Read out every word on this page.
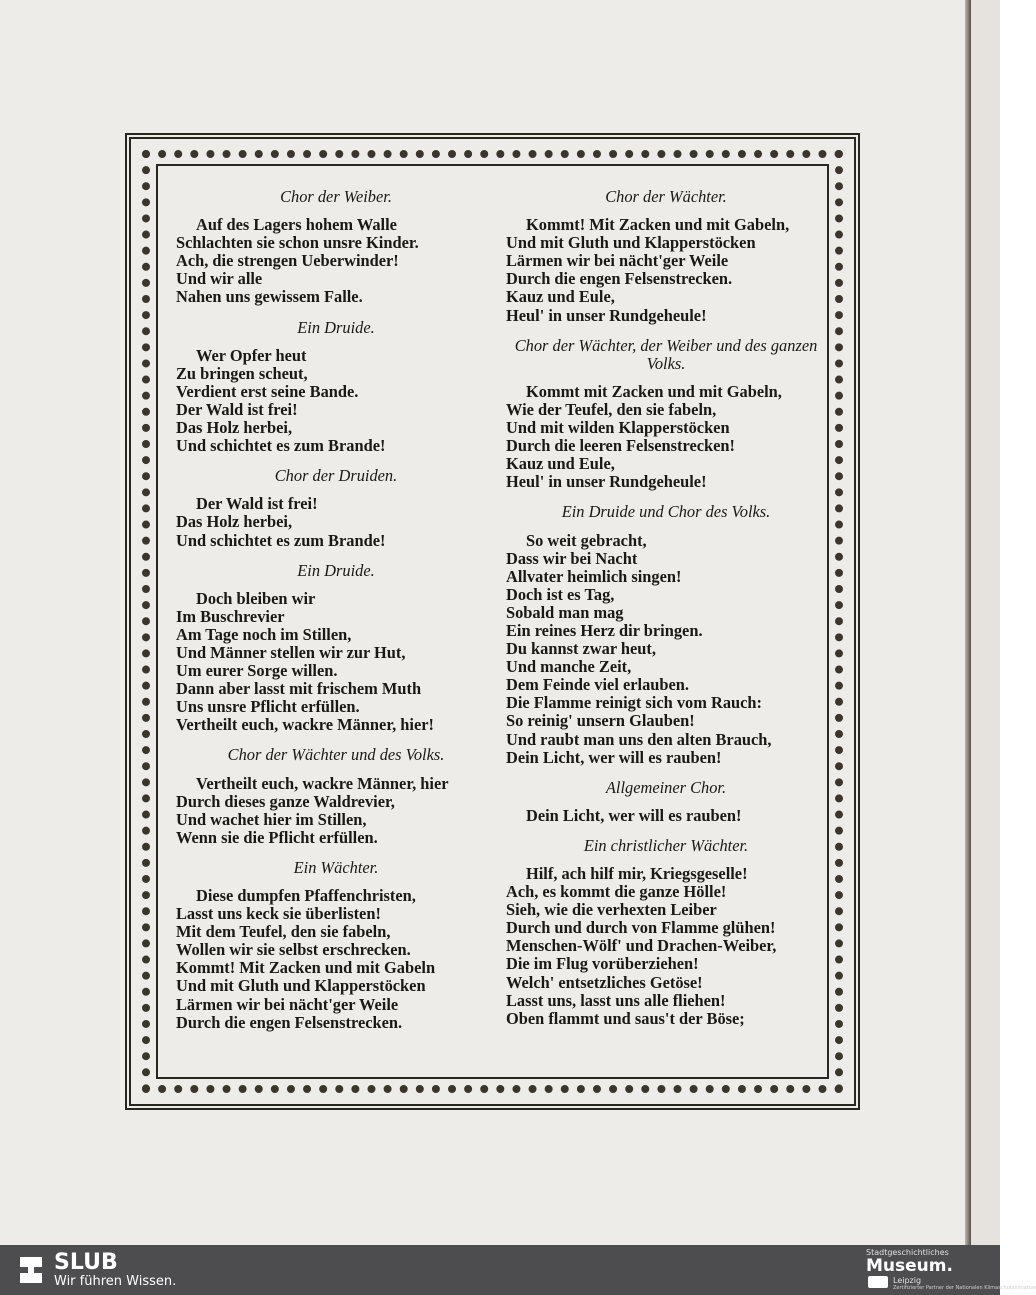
Chor der Weiber.

Auf des Lagers hohem Walle
Schlachten sie schon unsre Kinder.
Ach, die strengen Ueberwinder!
Und wir alle
Nahen uns gewissem Falle.

Ein Druide.

Wer Opfer heut
Zu bringen scheut,
Verdient erst seine Bande.
Der Wald ist frei!
Das Holz herbei,
Und schichtet es zum Brande!

Chor der Druiden.

Der Wald ist frei!
Das Holz herbei,
Und schichtet es zum Brande!

Ein Druide.

Doch bleiben wir
Im Buschrevier
Am Tage noch im Stillen,
Und Männer stellen wir zur Hut,
Um eurer Sorge willen.
Dann aber lasst mit frischem Muth
Uns unsre Pflicht erfüllen.
Vertheilt euch, wackre Männer, hier!

Chor der Wächter und des Volks.

Vertheilt euch, wackre Männer, hier
Durch dieses ganze Waldrevier,
Und wachet hier im Stillen,
Wenn sie die Pflicht erfüllen.

Ein Wächter.

Diese dumpfen Pfaffenchristen,
Lasst uns keck sie überlisten!
Mit dem Teufel, den sie fabeln,
Wollen wir sie selbst erschrecken.
Kommt! Mit Zacken und mit Gabeln
Und mit Gluth und Klapperstöcken
Lärmen wir bei nächt'ger Weile
Durch die engen Felsenstrecken.

Chor der Wächter.

Kommt! Mit Zacken und mit Gabeln,
Und mit Gluth und Klapperstöcken
Lärmen wir bei nächt'ger Weile
Durch die engen Felsenstrecken.
Kauz und Eule,
Heul' in unser Rundgeheule!

Chor der Wächter, der Weiber und des ganzen Volks.

Kommt mit Zacken und mit Gabeln,
Wie der Teufel, den sie fabeln,
Und mit wilden Klapperstöcken
Durch die leeren Felsenstrecken!
Kauz und Eule,
Heul' in unser Rundgeheule!

Ein Druide und Chor des Volks.

So weit gebracht,
Dass wir bei Nacht
Allvater heimlich singen!
Doch ist es Tag,
Sobald man mag
Ein reines Herz dir bringen.
Du kannst zwar heut,
Und manche Zeit,
Dem Feinde viel erlauben.
Die Flamme reinigt sich vom Rauch:
So reinig' unsern Glauben!
Und raubt man uns den alten Brauch,
Dein Licht, wer will es rauben!

Allgemeiner Chor.

Dein Licht, wer will es rauben!

Ein christlicher Wächter.

Hilf, ach hilf mir, Kriegsgeselle!
Ach, es kommt die ganze Hölle!
Sieh, wie die verhexten Leiber
Durch und durch von Flamme glühen!
Menschen-Wölf' und Drachen-Weiber,
Die im Flug vorüberziehen!
Welch' entsetzliches Getöse!
Lasst uns, lasst uns alle fliehen!
Oben flammt und saus't der Böse;

SLUB
Wir führen Wissen.
Stadtgeschichtliches
Museum.
Leipzig
Zertifizierter Partner der Nationalen Klimaschutzinitiative
